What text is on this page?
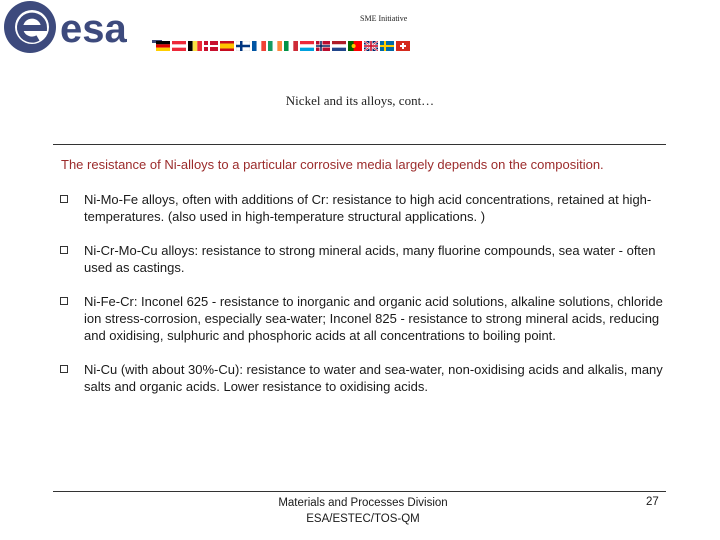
esa	SME Initiative
Nickel and its alloys, cont…
The resistance of Ni-alloys to a particular corrosive media largely depends on the composition.
Ni-Mo-Fe alloys, often with additions of Cr: resistance to high acid concentrations, retained at high-temperatures. (also used in high-temperature structural applications. )
Ni-Cr-Mo-Cu alloys: resistance to strong mineral acids, many fluorine compounds, sea water - often used as castings.
Ni-Fe-Cr: Inconel 625 - resistance to inorganic and organic acid solutions, alkaline solutions, chloride ion stress-corrosion, especially sea-water; Inconel 825 - resistance to strong mineral acids, reducing and oxidising, sulphuric and phosphoric acids at all concentrations to boiling point.
Ni-Cu (with about 30%-Cu): resistance to water and sea-water, non-oxidising acids and alkalis, many salts and organic acids. Lower resistance to oxidising acids.
Materials and Processes Division
ESA/ESTEC/TOS-QM
27
